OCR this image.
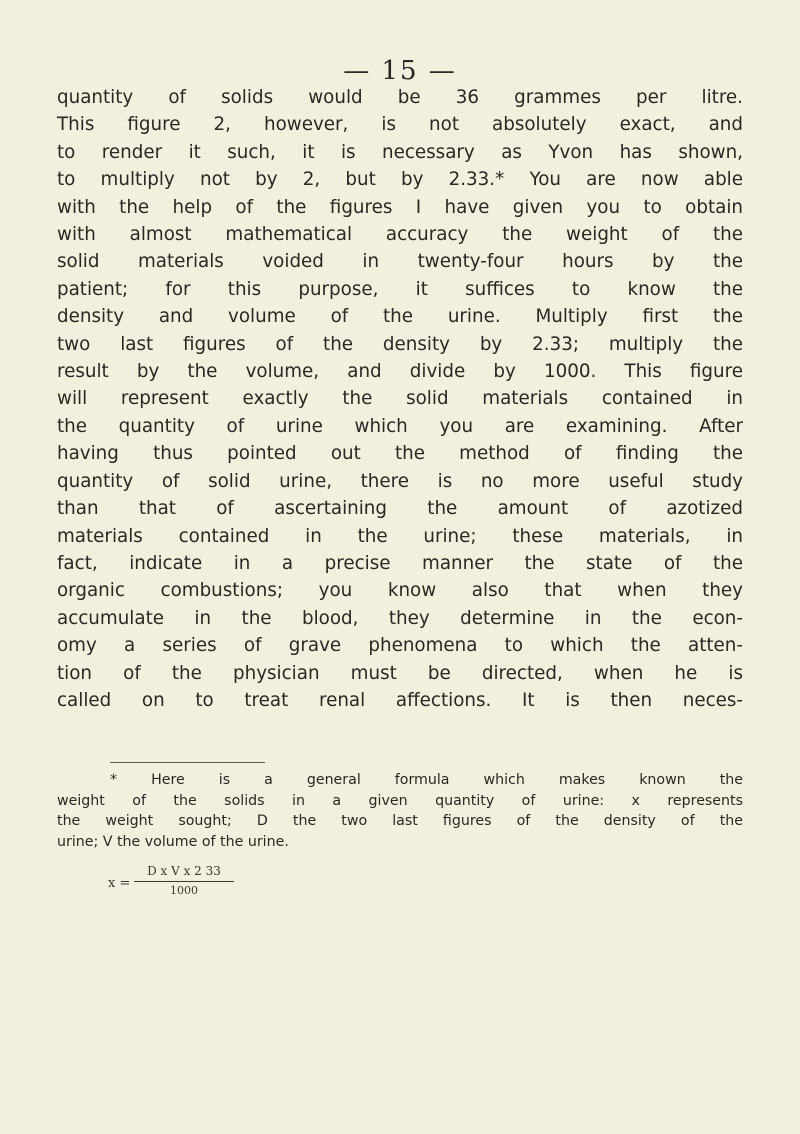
— 15 —
quantity of solids would be 36 grammes per litre.
This figure 2, however, is not absolutely exact, and
to render it such, it is necessary as Yvon has shown,
to multiply not by 2, but by 2.33.* You are now able
with the help of the figures I have given you to obtain
with almost mathematical accuracy the weight of the
solid materials voided in twenty-four hours by the
patient; for this purpose, it suffices to know the
density and volume of the urine. Multiply first the
two last figures of the density by 2.33; multiply the
result by the volume, and divide by 1000. This figure
will represent exactly the solid materials contained in
the quantity of urine which you are examining. After
having thus pointed out the method of finding the
quantity of solid urine, there is no more useful study
than that of ascertaining the amount of azotized
materials contained in the urine; these materials, in
fact, indicate in a precise manner the state of the
organic combustions; you know also that when they
accumulate in the blood, they determine in the econ-
omy a series of grave phenomena to which the atten-
tion of the physician must be directed, when he is
called on to treat renal affections. It is then neces-
* Here is a general formula which makes known the
weight of the solids in a given quantity of urine: x represents
the weight sought; D the two last figures of the density of the
urine; V the volume of the urine.
x =
D x V x 2 33
1000
